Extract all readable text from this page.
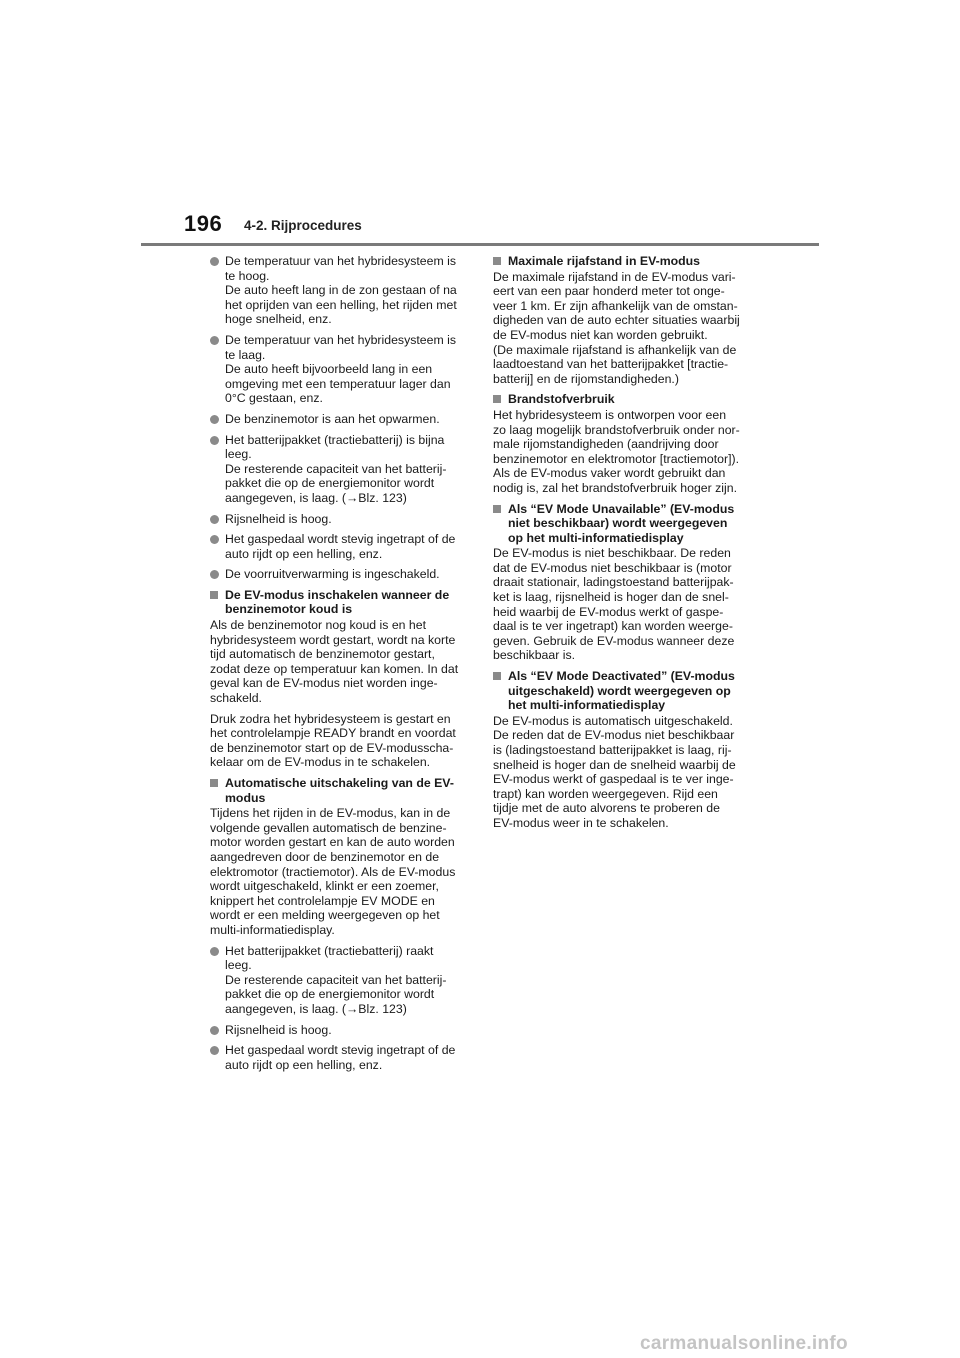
196 4-2. Rijprocedures
De temperatuur van het hybridesysteem is
te hoog.
De auto heeft lang in de zon gestaan of na
het oprijden van een helling, het rijden met
hoge snelheid, enz.
De temperatuur van het hybridesysteem is
te laag.
De auto heeft bijvoorbeeld lang in een
omgeving met een temperatuur lager dan
0°C gestaan, enz.
De benzinemotor is aan het opwarmen.
Het batterijpakket (tractiebatterij) is bijna
leeg.
De resterende capaciteit van het batterij-
pakket die op de energiemonitor wordt
aangegeven, is laag. (→Blz. 123)
Rijsnelheid is hoog.
Het gaspedaal wordt stevig ingetrapt of de
auto rijdt op een helling, enz.
De voorruitverwarming is ingeschakeld.
De EV-modus inschakelen wanneer de
benzinemotor koud is
Als de benzinemotor nog koud is en het
hybridesysteem wordt gestart, wordt na korte
tijd automatisch de benzinemotor gestart,
zodat deze op temperatuur kan komen. In dat
geval kan de EV-modus niet worden inge-
schakeld.
Druk zodra het hybridesysteem is gestart en
het controlelampje READY brandt en voordat
de benzinemotor start op de EV-modusscha-
kelaar om de EV-modus in te schakelen.
Automatische uitschakeling van de EV-
modus
Tijdens het rijden in de EV-modus, kan in de
volgende gevallen automatisch de benzine-
motor worden gestart en kan de auto worden
aangedreven door de benzinemotor en de
elektromotor (tractiemotor). Als de EV-modus
wordt uitgeschakeld, klinkt er een zoemer,
knippert het controlelampje EV MODE en
wordt er een melding weergegeven op het
multi-informatiedisplay.
Het batterijpakket (tractiebatterij) raakt
leeg.
De resterende capaciteit van het batterij-
pakket die op de energiemonitor wordt
aangegeven, is laag. (→Blz. 123)
Rijsnelheid is hoog.
Het gaspedaal wordt stevig ingetrapt of de
auto rijdt op een helling, enz.
Maximale rijafstand in EV-modus
De maximale rijafstand in de EV-modus vari-
eert van een paar honderd meter tot onge-
veer 1 km. Er zijn afhankelijk van de omstan-
digheden van de auto echter situaties waarbij
de EV-modus niet kan worden gebruikt.
(De maximale rijafstand is afhankelijk van de
laadtoestand van het batterijpakket [tractie-
batterij] en de rijomstandigheden.)
Brandstofverbruik
Het hybridesysteem is ontworpen voor een
zo laag mogelijk brandstofverbruik onder nor-
male rijomstandigheden (aandrijving door
benzinemotor en elektromotor [tractiemotor]).
Als de EV-modus vaker wordt gebruikt dan
nodig is, zal het brandstofverbruik hoger zijn.
Als “EV Mode Unavailable” (EV-modus
niet beschikbaar) wordt weergegeven
op het multi-informatiedisplay
De EV-modus is niet beschikbaar. De reden
dat de EV-modus niet beschikbaar is (motor
draait stationair, ladingstoestand batterijpak-
ket is laag, rijsnelheid is hoger dan de snel-
heid waarbij de EV-modus werkt of gaspe-
daal is te ver ingetrapt) kan worden weerge-
geven. Gebruik de EV-modus wanneer deze
beschikbaar is.
Als “EV Mode Deactivated” (EV-modus
uitgeschakeld) wordt weergegeven op
het multi-informatiedisplay
De EV-modus is automatisch uitgeschakeld.
De reden dat de EV-modus niet beschikbaar
is (ladingstoestand batterijpakket is laag, rij-
snelheid is hoger dan de snelheid waarbij de
EV-modus werkt of gaspedaal is te ver inge-
trapt) kan worden weergegeven. Rijd een
tijdje met de auto alvorens te proberen de
EV-modus weer in te schakelen.
carmanualsonline.info
